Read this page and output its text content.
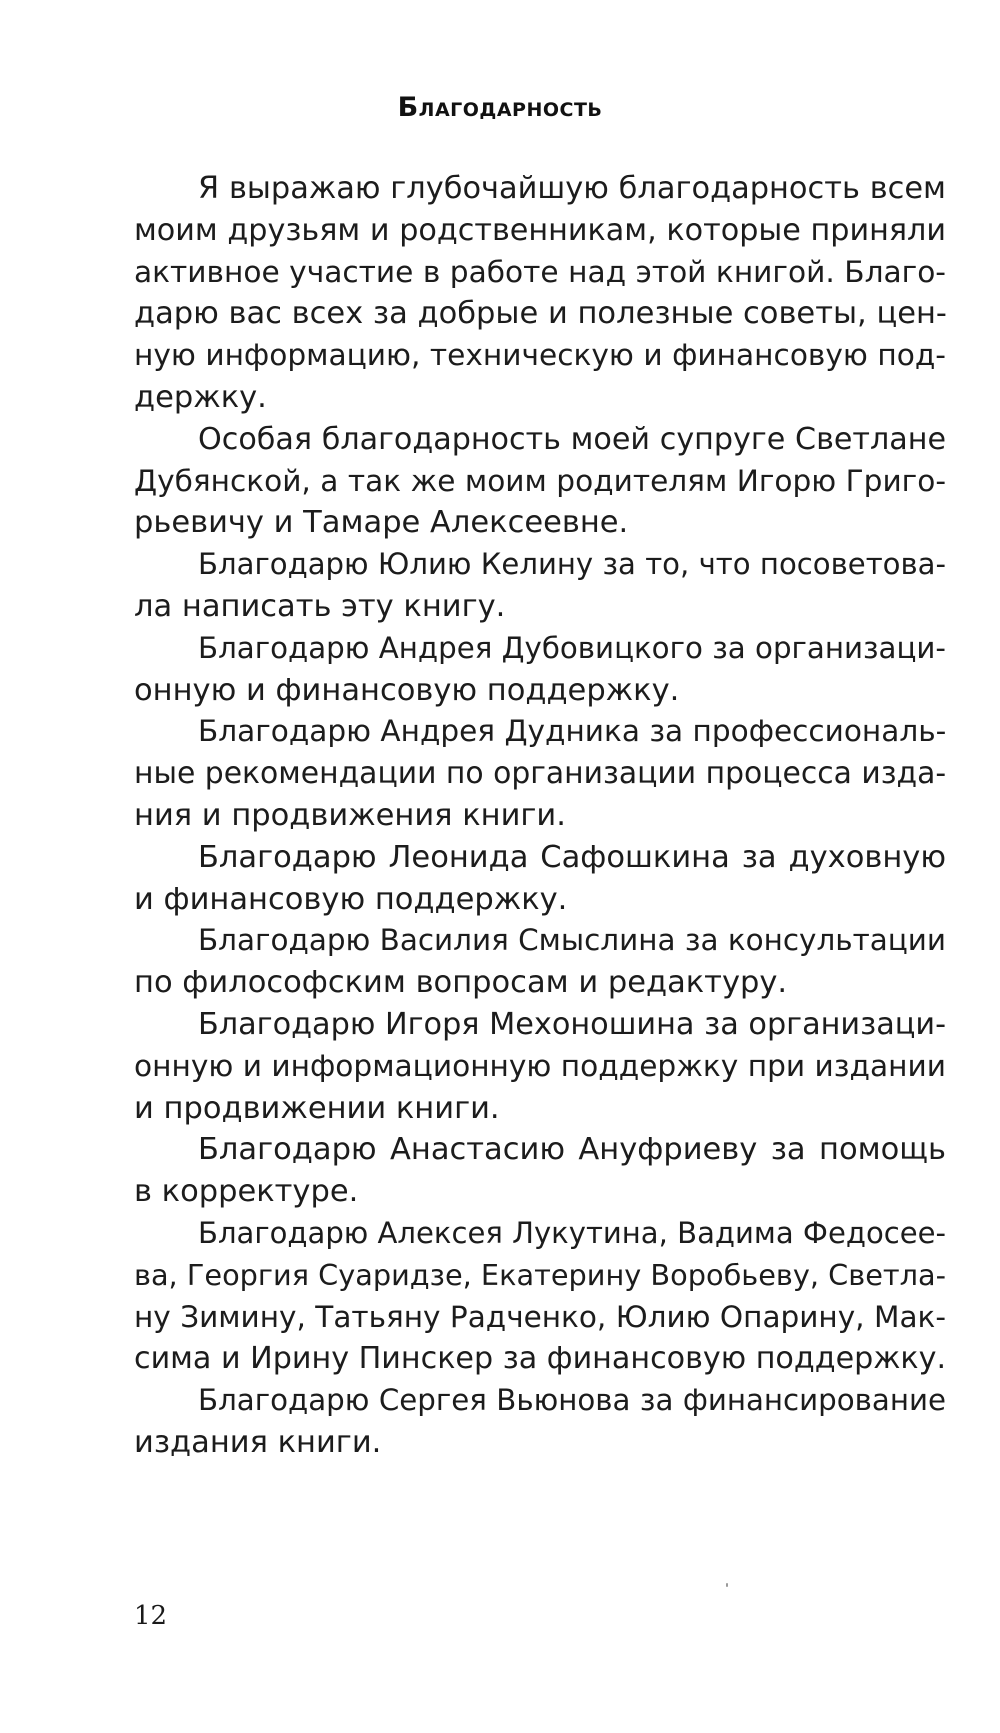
Благодарность
Я выражаю глубочайшую благодарность всем
моим друзьям и родственникам, которые приняли
активное участие в работе над этой книгой. Благо-
дарю вас всех за добрые и полезные советы, цен-
ную информацию, техническую и финансовую под-
держку.
Особая благодарность моей супруге Светлане
Дубянской, а так же моим родителям Игорю Григо-
рьевичу и Тамаре Алексеевне.
Благодарю Юлию Келину за то, что посоветова-
ла написать эту книгу.
Благодарю Андрея Дубовицкого за организаци-
онную и финансовую поддержку.
Благодарю Андрея Дудника за профессиональ-
ные рекомендации по организации процесса изда-
ния и продвижения книги.
Благодарю Леонида Сафошкина за духовную
и финансовую поддержку.
Благодарю Василия Смыслина за консультации
по философским вопросам и редактуру.
Благодарю Игоря Мехоношина за организаци-
онную и информационную поддержку при издании
и продвижении книги.
Благодарю Анастасию Ануфриеву за помощь
в корректуре.
Благодарю Алексея Лукутина, Вадима Федосее-
ва, Георгия Суаридзе, Екатерину Воробьеву, Светла-
ну Зимину, Татьяну Радченко, Юлию Опарину, Мак-
сима и Ирину Пинскер за финансовую поддержку.
Благодарю Сергея Вьюнова за финансирование
издания книги.
12
